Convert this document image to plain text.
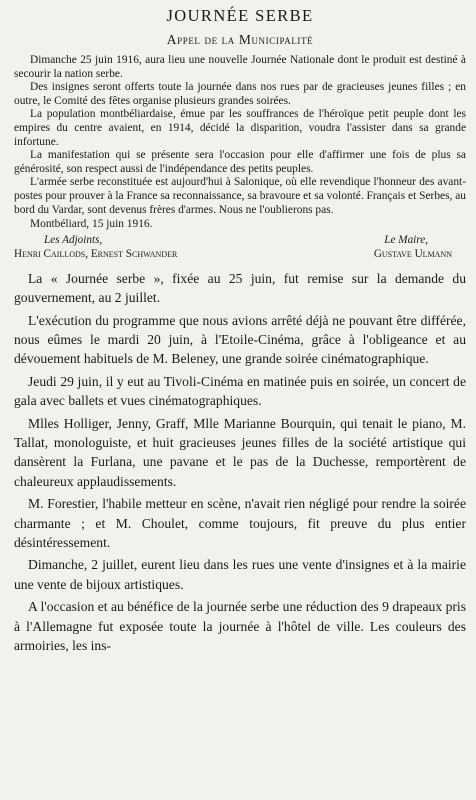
JOURNÉE SERBE
Appel de la Municipalité

Dimanche 25 juin 1916, aura lieu une nouvelle Journée Nationale dont le produit est destiné à secourir la nation serbe.

Des insignes seront offerts toute la journée dans nos rues par de gracieuses jeunes filles ; en outre, le Comité des fêtes organise plusieurs grandes soirées.

La population montbéliardaise, émue par les souffrances de l'héroïque petit peuple dont les empires du centre avaient, en 1914, décidé la disparition, voudra l'assister dans sa grande infortune.

La manifestation qui se présente sera l'occasion pour elle d'affirmer une fois de plus sa générosité, son respect aussi de l'indépendance des petits peuples.

L'armée serbe reconstituée est aujourd'hui à Salonique, où elle revendique l'honneur des avant-postes pour prouver à la France sa reconnaissance, sa bravoure et sa volonté. Français et Serbes, au bord du Vardar, sont devenus frères d'armes. Nous ne l'oublierons pas.

Montbéliard, 15 juin 1916.

Les Adjoints,
Henri Caillods, Ernest Schwander
Le Maire,
Gustave Ulmann

La « Journée serbe », fixée au 25 juin, fut remise sur la demande du gouvernement, au 2 juillet.

L'exécution du programme que nous avions arrêté déjà ne pouvant être différée, nous eûmes le mardi 20 juin, à l'Etoile-Cinéma, grâce à l'obligeance et au dévouement habituels de M. Beleney, une grande soirée cinématographique.

Jeudi 29 juin, il y eut au Tivoli-Cinéma en matinée puis en soirée, un concert de gala avec ballets et vues cinématographiques.

Mlles Holliger, Jenny, Graff, Mlle Marianne Bourquin, qui tenait le piano, M. Tallat, monologuiste, et huit gracieuses jeunes filles de la société artistique qui dansèrent la Furlana, une pavane et le pas de la Duchesse, remportèrent de chaleureux applaudissements.

M. Forestier, l'habile metteur en scène, n'avait rien négligé pour rendre la soirée charmante ; et M. Choulet, comme toujours, fit preuve du plus entier désintéressement.

Dimanche, 2 juillet, eurent lieu dans les rues une vente d'insignes et à la mairie une vente de bijoux artistiques.

A l'occasion et au bénéfice de la journée serbe une réduction des 9 drapeaux pris à l'Allemagne fut exposée toute la journée à l'hôtel de ville. Les couleurs des armoiries, les ins-
